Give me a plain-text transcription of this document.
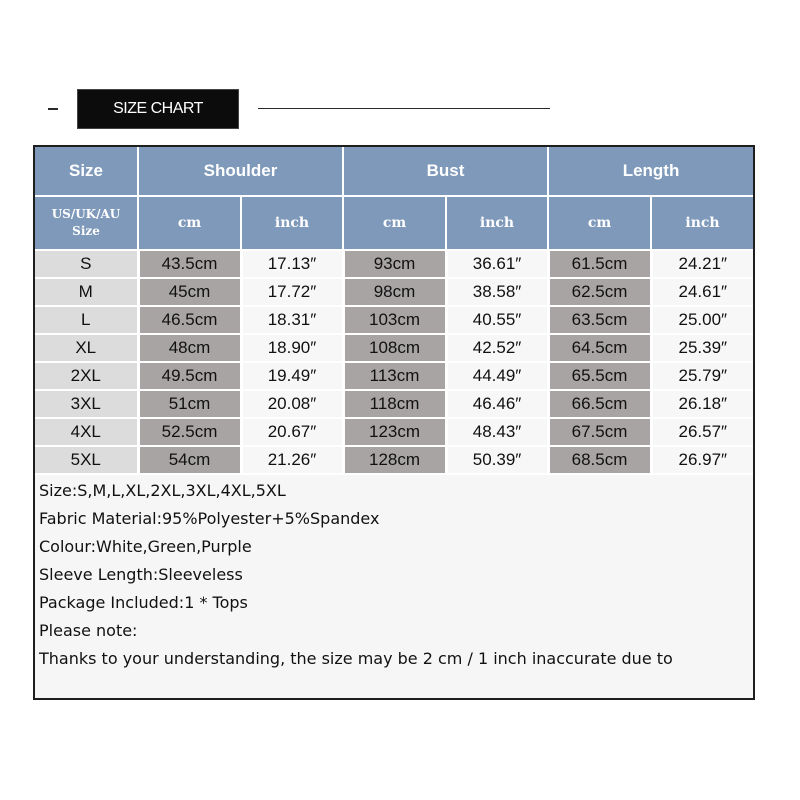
SIZE CHART
Size	Shoulder		Bust		Length	
US/UK/AU
Size	cm	inch	cm	inch	cm	inch
S	43.5cm	17.13″	93cm	36.61″	61.5cm	24.21″
M	45cm	17.72″	98cm	38.58″	62.5cm	24.61″
L	46.5cm	18.31″	103cm	40.55″	63.5cm	25.00″
XL	48cm	18.90″	108cm	42.52″	64.5cm	25.39″
2XL	49.5cm	19.49″	113cm	44.49″	65.5cm	25.79″
3XL	51cm	20.08″	118cm	46.46″	66.5cm	26.18″
4XL	52.5cm	20.67″	123cm	48.43″	67.5cm	26.57″
5XL	54cm	21.26″	128cm	50.39″	68.5cm	26.97″
Size:S,M,L,XL,2XL,3XL,4XL,5XL
Fabric Material:95%Polyester+5%Spandex
Colour:White,Green,Purple
Sleeve Length:Sleeveless
Package Included:1 * Tops
Please note:
Thanks to your understanding, the size may be 2 cm / 1 inch inaccurate due to
